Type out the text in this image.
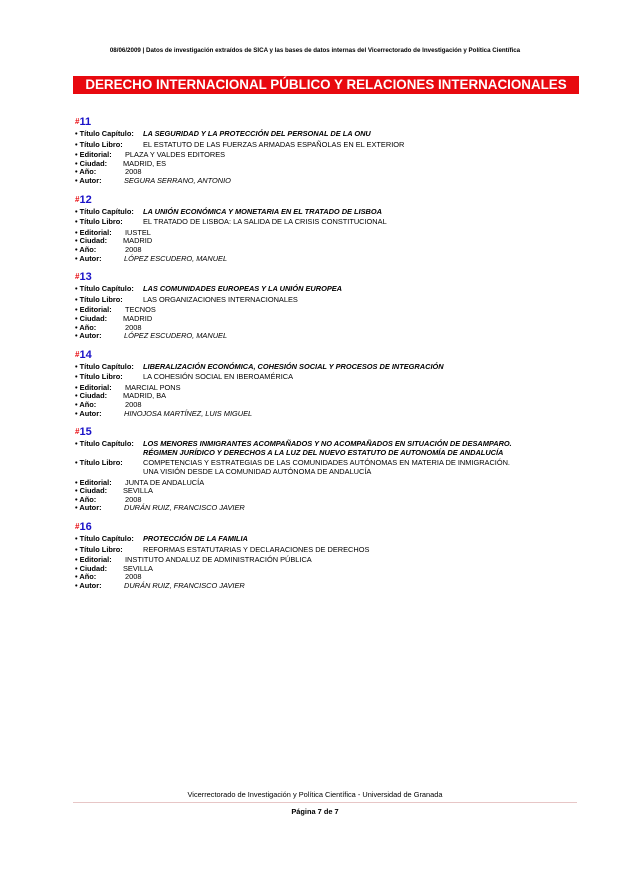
08/06/2009 | Datos de investigación extraídos de SICA y las bases de datos internas del Vicerrectorado de Investigación y Política Científica
DERECHO INTERNACIONAL PÚBLICO Y RELACIONES INTERNACIONALES
#11
• Título Capítulo:	LA SEGURIDAD Y LA PROTECCIÓN DEL PERSONAL DE LA ONU
• Título Libro:	EL ESTATUTO DE LAS FUERZAS ARMADAS ESPAÑOLAS EN EL EXTERIOR
• Editorial:	PLAZA Y VALDES EDITORES
• Ciudad:	MADRID, ES
• Año:	2008
• Autor:	SEGURA SERRANO, ANTONIO
#12
• Título Capítulo:	LA UNIÓN ECONÓMICA Y MONETARIA EN EL TRATADO DE LISBOA
• Título Libro:	EL TRATADO DE LISBOA: LA SALIDA DE LA CRISIS CONSTITUCIONAL
• Editorial:	IUSTEL
• Ciudad:	MADRID
• Año:	2008
• Autor:	LÓPEZ ESCUDERO, MANUEL
#13
• Título Capítulo:	LAS COMUNIDADES EUROPEAS Y LA UNIÓN EUROPEA
• Título Libro:	LAS ORGANIZACIONES INTERNACIONALES
• Editorial:	TECNOS
• Ciudad:	MADRID
• Año:	2008
• Autor:	LÓPEZ ESCUDERO, MANUEL
#14
• Título Capítulo:	LIBERALIZACIÓN ECONÓMICA, COHESIÓN SOCIAL Y PROCESOS DE INTEGRACIÓN
• Título Libro:	LA COHESIÓN SOCIAL EN IBEROAMÉRICA
• Editorial:	MARCIAL PONS
• Ciudad:	MADRID, BA
• Año:	2008
• Autor:	HINOJOSA MARTÍNEZ, LUIS MIGUEL
#15
• Título Capítulo:	LOS MENORES INMIGRANTES ACOMPAÑADOS Y NO ACOMPAÑADOS EN SITUACIÓN DE DESAMPARO.
RÉGIMEN JURÍDICO Y DERECHOS A LA LUZ DEL NUEVO ESTATUTO DE AUTONOMÍA DE ANDALUCÍA
• Título Libro:	COMPETENCIAS Y ESTRATEGIAS DE LAS COMUNIDADES AUTÓNOMAS EN MATERIA DE INMIGRACIÓN.
UNA VISIÓN DESDE LA COMUNIDAD AUTÓNOMA DE ANDALUCÍA
• Editorial:	JUNTA DE ANDALUCÍA
• Ciudad:	SEVILLA
• Año:	2008
• Autor:	DURÁN RUIZ, FRANCISCO JAVIER
#16
• Título Capítulo:	PROTECCIÓN DE LA FAMILIA
• Título Libro:	REFORMAS ESTATUTARIAS Y DECLARACIONES DE DERECHOS
• Editorial:	INSTITUTO ANDALUZ DE ADMINISTRACIÓN PÚBLICA
• Ciudad:	SEVILLA
• Año:	2008
• Autor:	DURÁN RUIZ, FRANCISCO JAVIER
Vicerrectorado de Investigación y Política Científica - Universidad de Granada
Página 7 de 7
